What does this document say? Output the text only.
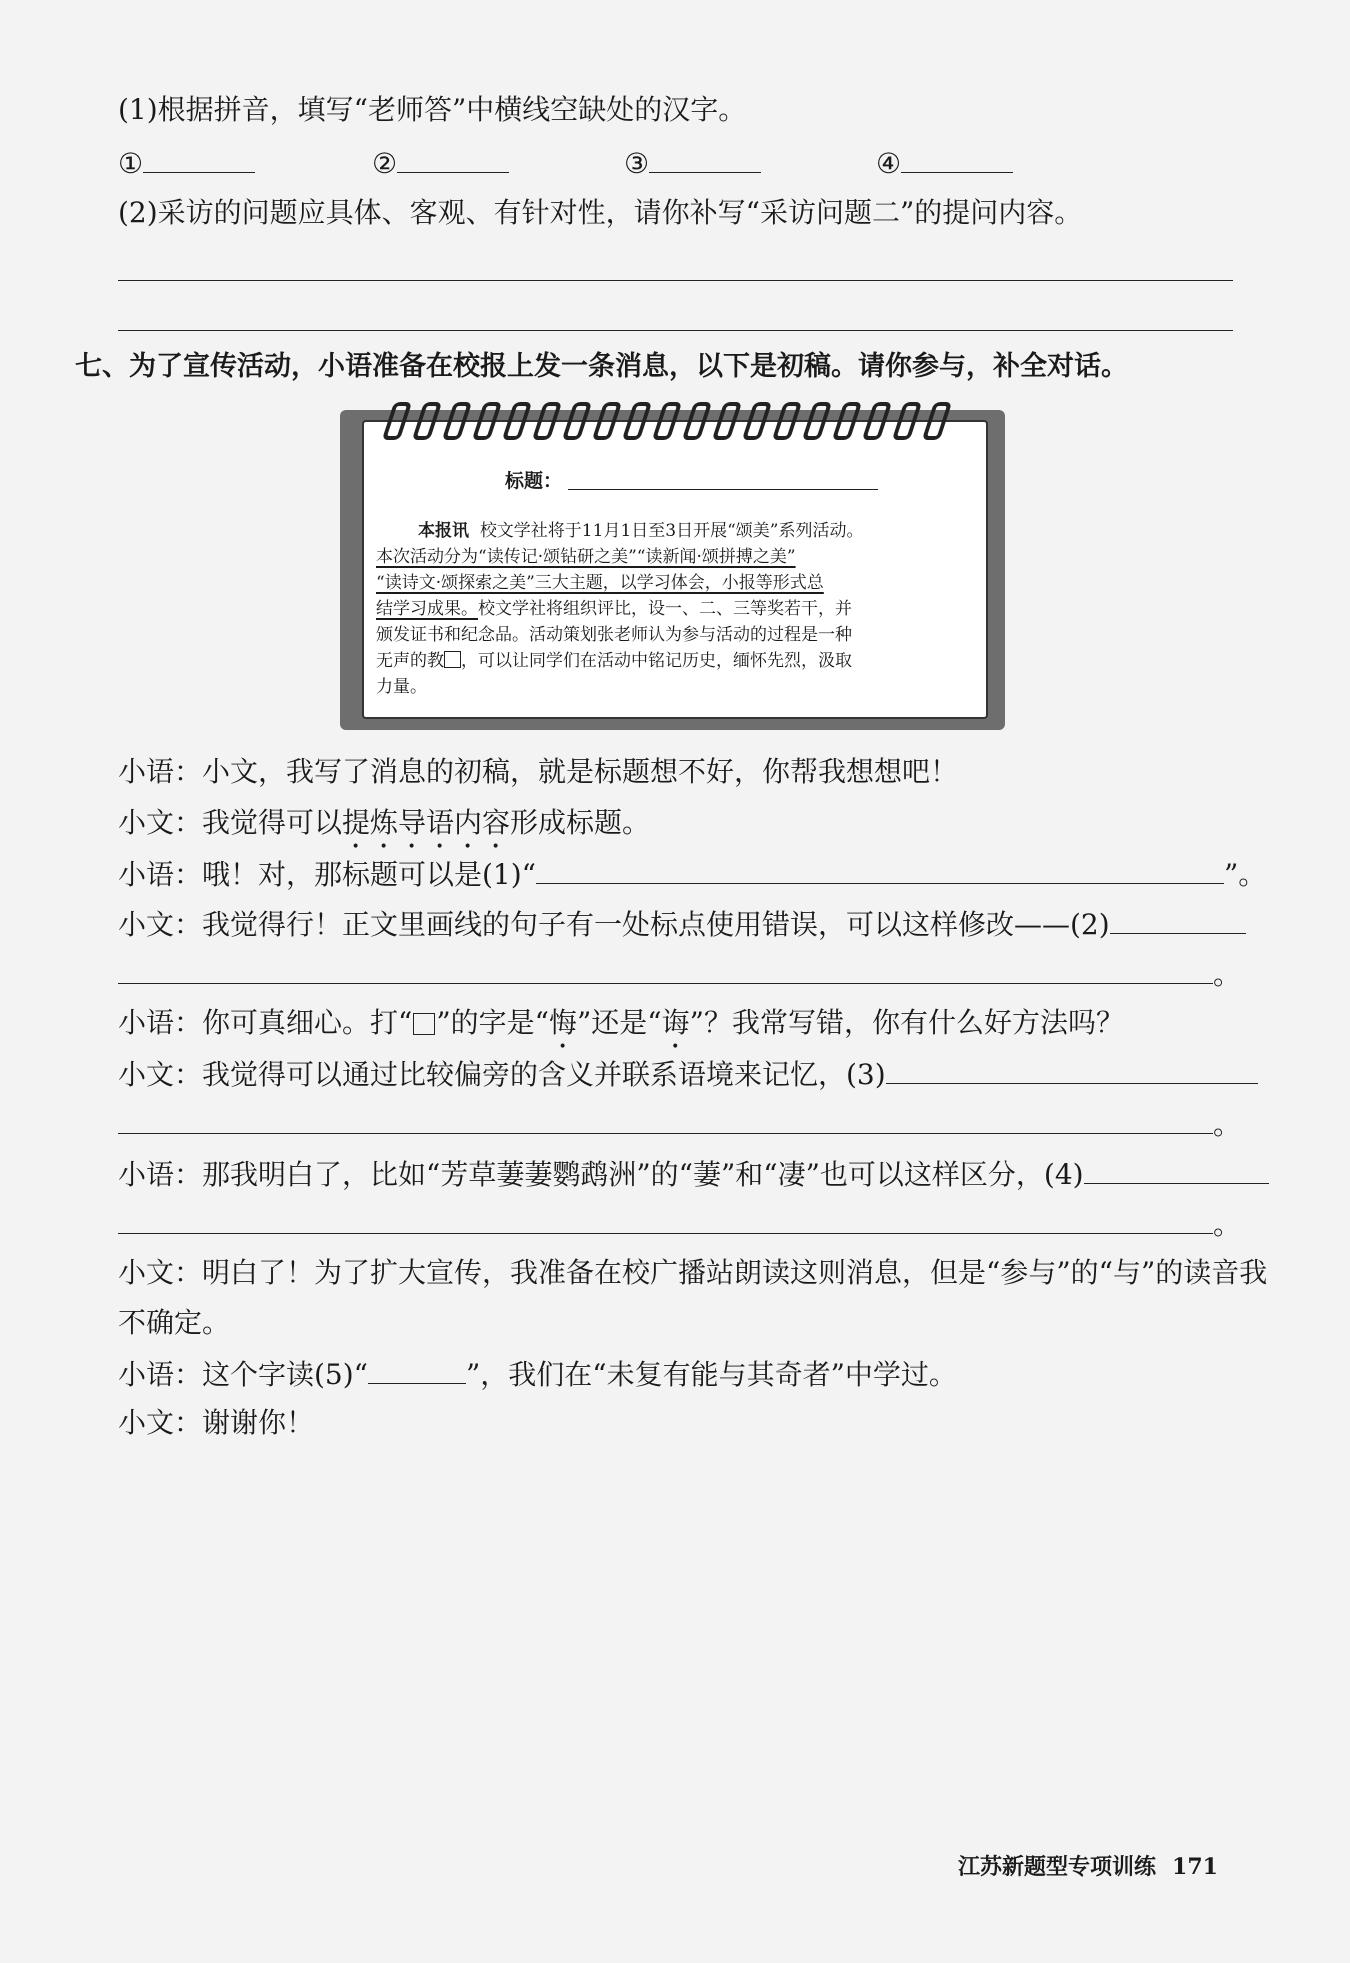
(1)根据拼音，填写“老师答”中横线空缺处的汉字。
①	②	③	④
(2)采访的问题应具体、客观、有针对性，请你补写“采访问题二”的提问内容。
七、为了宣传活动，小语准备在校报上发一条消息，以下是初稿。请你参与，补全对话。
标题：
本报讯 校文学社将于11月1日至3日开展“颂美”系列活动。
本次活动分为“读传记·颂钻研之美”“读新闻·颂拼搏之美”
“读诗文·颂探索之美”三大主题，以学习体会，小报等形式总
结学习成果。校文学社将组织评比，设一、二、三等奖若干，并
颁发证书和纪念品。活动策划张老师认为参与活动的过程是一种
无声的教 ，可以让同学们在活动中铭记历史，缅怀先烈，汲取
力量。
小语：小文，我写了消息的初稿，就是标题想不好，你帮我想想吧！
小文：我觉得可以提炼导语内容形成标题。
小语：哦！对，那标题可以是(1)“	”。
小文：我觉得行！正文里画线的句子有一处标点使用错误，可以这样修改——(2)
。
小语：你可真细心。打“ ”的字是“悔”还是“诲”？我常写错，你有什么好方法吗？
小文：我觉得可以通过比较偏旁的含义并联系语境来记忆，(3)
。
小语：那我明白了，比如“芳草萋萋鹦鹉洲”的“萋”和“凄”也可以这样区分，(4)
。
小文：明白了！为了扩大宣传，我准备在校广播站朗读这则消息，但是“参与”的“与”的读音我
不确定。
小语：这个字读(5)“	”，我们在“未复有能与其奇者”中学过。
小文：谢谢你！
江苏新题型专项训练 171
